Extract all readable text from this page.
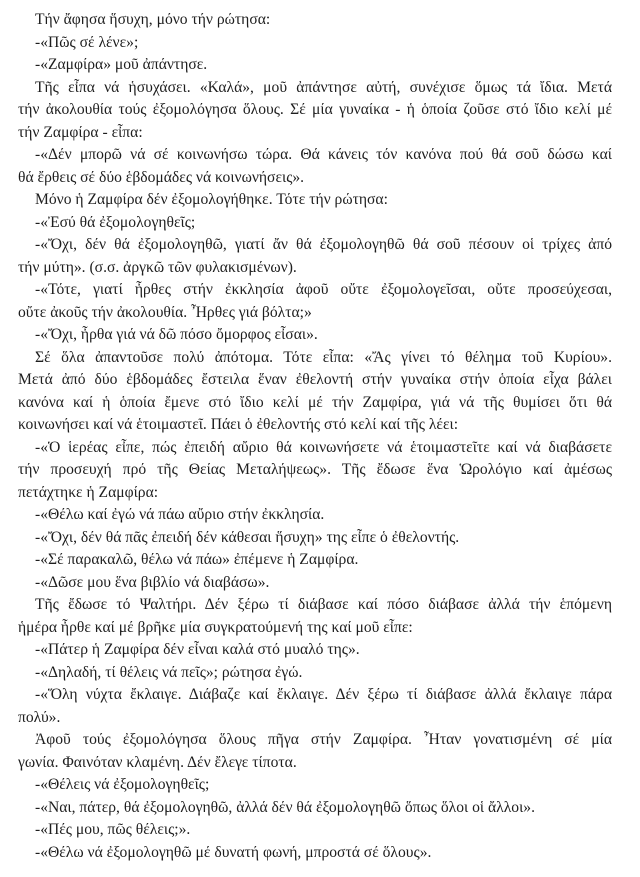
Τήν ἄφησα ἥσυχη, μόνο τήν ρώτησα:

-«Πῶς σέ λένε»;

-«Ζαμφίρα» μοῦ ἀπάντησε.

Τῆς εἶπα νά ἡσυχάσει. «Καλά», μοῦ ἀπάντησε αὐτή, συνέχισε ὅμως τά ἴδια. Μετά
τήν ἀκολουθία τούς ἐξομολόγησα ὅλους. Σέ μία γυναίκα - ἡ ὁποία ζοῦσε στό ἴδιο κελί μέ
τήν Ζαμφίρα - εἶπα:

-«Δέν μπορῶ νά σέ κοινωνήσω τώρα. Θά κάνεις τόν κανόνα πού θά σοῦ δώσω καί
θά ἔρθεις σέ δύο ἑβδομάδες νά κοινωνήσεις».

Μόνο ἡ Ζαμφίρα δέν ἐξομολογήθηκε. Τότε τήν ρώτησα:

-«Ἐσύ θά ἐξομολογηθεῖς;

-«Ὄχι, δέν θά ἐξομολογηθῶ, γιατί ἄν θά ἐξομολογηθῶ θά σοῦ πέσουν οἱ τρίχες ἀπό
τήν μύτη». (σ.σ. ἀργκῶ τῶν φυλακισμένων).

-«Τότε, γιατί ἦρθες στήν ἐκκλησία ἀφοῦ οὔτε ἐξομολογεῖσαι, οὔτε προσεύχεσαι,
οὔτε ἀκοῦς τήν ἀκολουθία. Ἦρθες γιά βόλτα;»

-«Ὄχι, ἦρθα γιά νά δῶ πόσο ὄμορφος εἶσαι».

Σέ ὅλα ἀπαντοῦσε πολύ ἀπότομα. Τότε εἶπα: «Ἄς γίνει τό θέλημα τοῦ Κυρίου».
Μετά ἀπό δύο ἑβδομάδες ἔστειλα ἕναν ἐθελοντή στήν γυναίκα στήν ὁποία εἶχα βάλει
κανόνα καί ἡ ὁποία ἔμενε στό ἴδιο κελί μέ τήν Ζαμφίρα, γιά νά τῆς θυμίσει ὅτι θά
κοινωνήσει καί νά ἑτοιμαστεῖ. Πάει ὁ ἐθελοντής στό κελί καί τῆς λέει:

-«Ὁ ἱερέας εἶπε, πώς ἐπειδή αὔριο θά κοινωνήσετε νά ἑτοιμαστεῖτε καί νά διαβάσετε
τήν προσευχή πρό τῆς Θείας Μεταλήψεως». Τῆς ἔδωσε ἕνα Ὡρολόγιο καί ἀμέσως
πετάχτηκε ἡ Ζαμφίρα:

-«Θέλω καί ἐγώ νά πάω αὔριο στήν ἐκκλησία.

-«Ὄχι, δέν θά πᾶς ἐπειδή δέν κάθεσαι ἥσυχη» της εἶπε ὁ ἐθελοντής.

-«Σέ παρακαλῶ, θέλω νά πάω» ἐπέμενε ἡ Ζαμφίρα.

-«Δῶσε μου ἕνα βιβλίο νά διαβάσω».

Τῆς ἔδωσε τό Ψαλτήρι. Δέν ξέρω τί διάβασε καί πόσο διάβασε ἀλλά τήν ἑπόμενη
ἡμέρα ἦρθε καί μέ βρῆκε μία συγκρατούμενή της καί μοῦ εἶπε:

-«Πάτερ ἡ Ζαμφίρα δέν εἶναι καλά στό μυαλό της».

-«Δηλαδή, τί θέλεις νά πεῖς»; ρώτησα ἐγώ.

-«Ὅλη νύχτα ἔκλαιγε. Διάβαζε καί ἔκλαιγε. Δέν ξέρω τί διάβασε ἀλλά ἔκλαιγε πάρα
πολύ».

Ἀφοῦ τούς ἐξομολόγησα ὅλους πῆγα στήν Ζαμφίρα. Ἦταν γονατισμένη σέ μία
γωνία. Φαινόταν κλαμένη. Δέν ἔλεγε τίποτα.

-«Θέλεις νά ἐξομολογηθεῖς;

-«Ναι, πάτερ, θά ἐξομολογηθῶ, ἀλλά δέν θά ἐξομολογηθῶ ὅπως ὅλοι οἱ ἄλλοι».

-«Πές μου, πῶς θέλεις;».

-«Θέλω νά ἐξομολογηθῶ μέ δυνατή φωνή, μπροστά σέ ὅλους».
